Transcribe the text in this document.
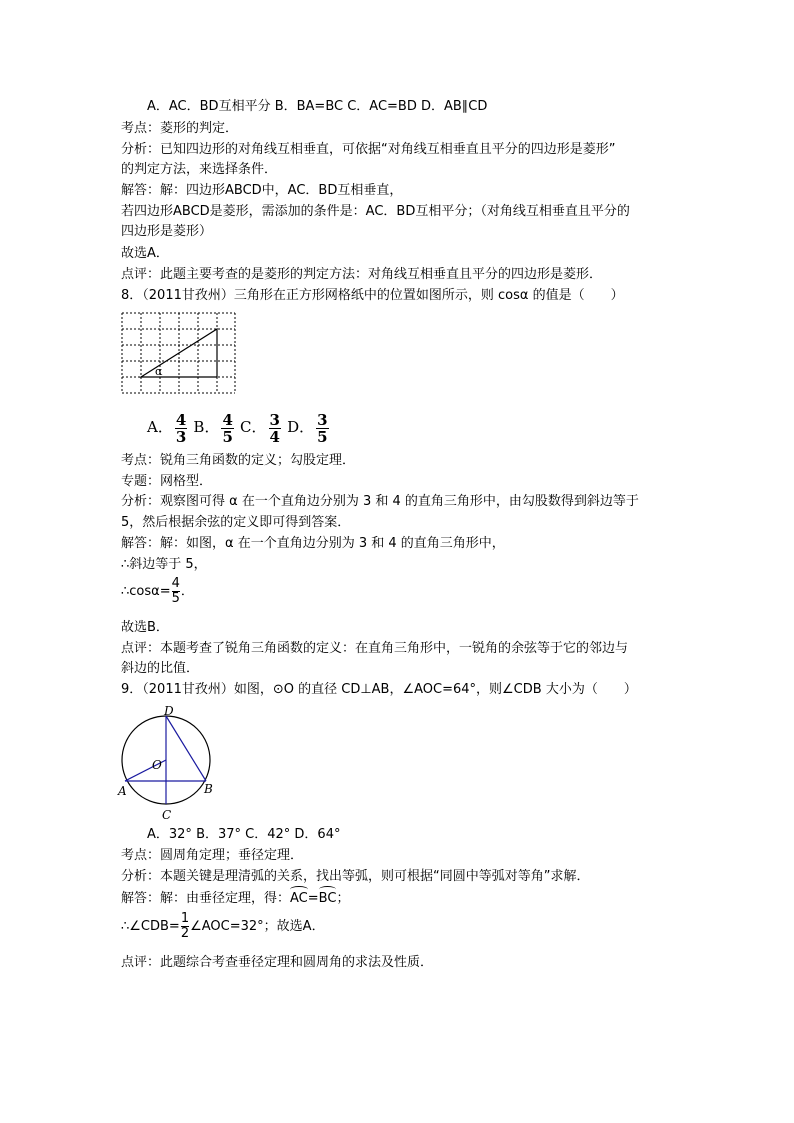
A．AC．BD互相平分 B．BA=BC C．AC=BD D．AB∥CD
考点：菱形的判定．
分析：已知四边形的对角线互相垂直，可依据“对角线互相垂直且平分的四边形是菱形”
的判定方法，来选择条件．
解答：解：四边形ABCD中，AC．BD互相垂直，
若四边形ABCD是菱形，需添加的条件是：AC．BD互相平分；（对角线互相垂直且平分的
四边形是菱形）
故选A．
点评：此题主要考查的是菱形的判定方法：对角线互相垂直且平分的四边形是菱形．
8．（2011甘孜州）三角形在正方形网格纸中的位置如图所示，则 cosα 的值是（　　）
α
A． $\frac{4}{3}$ B． $\frac{4}{5}$ C． $\frac{3}{4}$ D． $\frac{3}{5}$
考点：锐角三角函数的定义；勾股定理．
专题：网格型．
分析：观察图可得 α 在一个直角边分别为 3 和 4 的直角三角形中，由勾股数得到斜边等于
5，然后根据余弦的定义即可得到答案．
解答：解：如图，α 在一个直角边分别为 3 和 4 的直角三角形中，
∴斜边等于 5，
∴cosα= $\frac{4}{5}$ ．
故选B．
点评：本题考查了锐角三角函数的定义：在直角三角形中，一锐角的余弦等于它的邻边与
斜边的比值．
9．（2011甘孜州）如图，⊙O 的直径 CD⊥AB，∠AOC=64°，则∠CDB 大小为（　　）
D
O
A	B
C
A．32° B．37° C．42° D．64°
考点：圆周角定理；垂径定理．
分析：本题关键是理清弧的关系，找出等弧，则可根据“同圆中等弧对等角”求解．
解答：解：由垂径定理，得：AC=BC；
∴∠CDB= $\frac{1}{2}$ ∠AOC=32°；故选A．
点评：此题综合考查垂径定理和圆周角的求法及性质．
